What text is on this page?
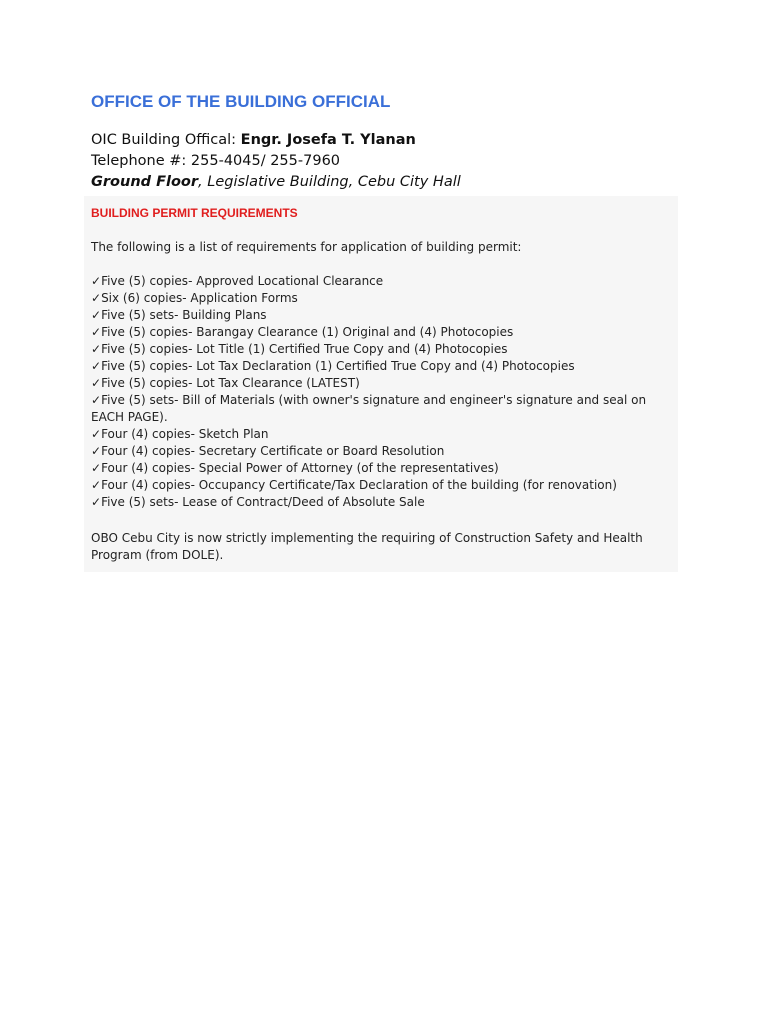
OFFICE OF THE BUILDING OFFICIAL
OIC Building Offical: Engr. Josefa T. Ylanan
Telephone #: 255-4045/ 255-7960
Ground Floor, Legislative Building, Cebu City Hall
BUILDING PERMIT REQUIREMENTS
The following is a list of requirements for application of building permit:
✓Five (5) copies- Approved Locational Clearance
✓Six (6) copies- Application Forms
✓Five (5) sets- Building Plans
✓Five (5) copies- Barangay Clearance (1) Original and (4) Photocopies
✓Five (5) copies- Lot Title (1) Certified True Copy and (4) Photocopies
✓Five (5) copies- Lot Tax Declaration (1) Certified True Copy and (4) Photocopies
✓Five (5) copies- Lot Tax Clearance (LATEST)
✓Five (5) sets- Bill of Materials (with owner's signature and engineer's signature and seal on EACH PAGE).
✓Four (4) copies- Sketch Plan
✓Four (4) copies- Secretary Certificate or Board Resolution
✓Four (4) copies- Special Power of Attorney (of the representatives)
✓Four (4) copies- Occupancy Certificate/Tax Declaration of the building (for renovation)
✓Five (5) sets- Lease of Contract/Deed of Absolute Sale
OBO Cebu City is now strictly implementing the requiring of Construction Safety and Health Program (from DOLE).
